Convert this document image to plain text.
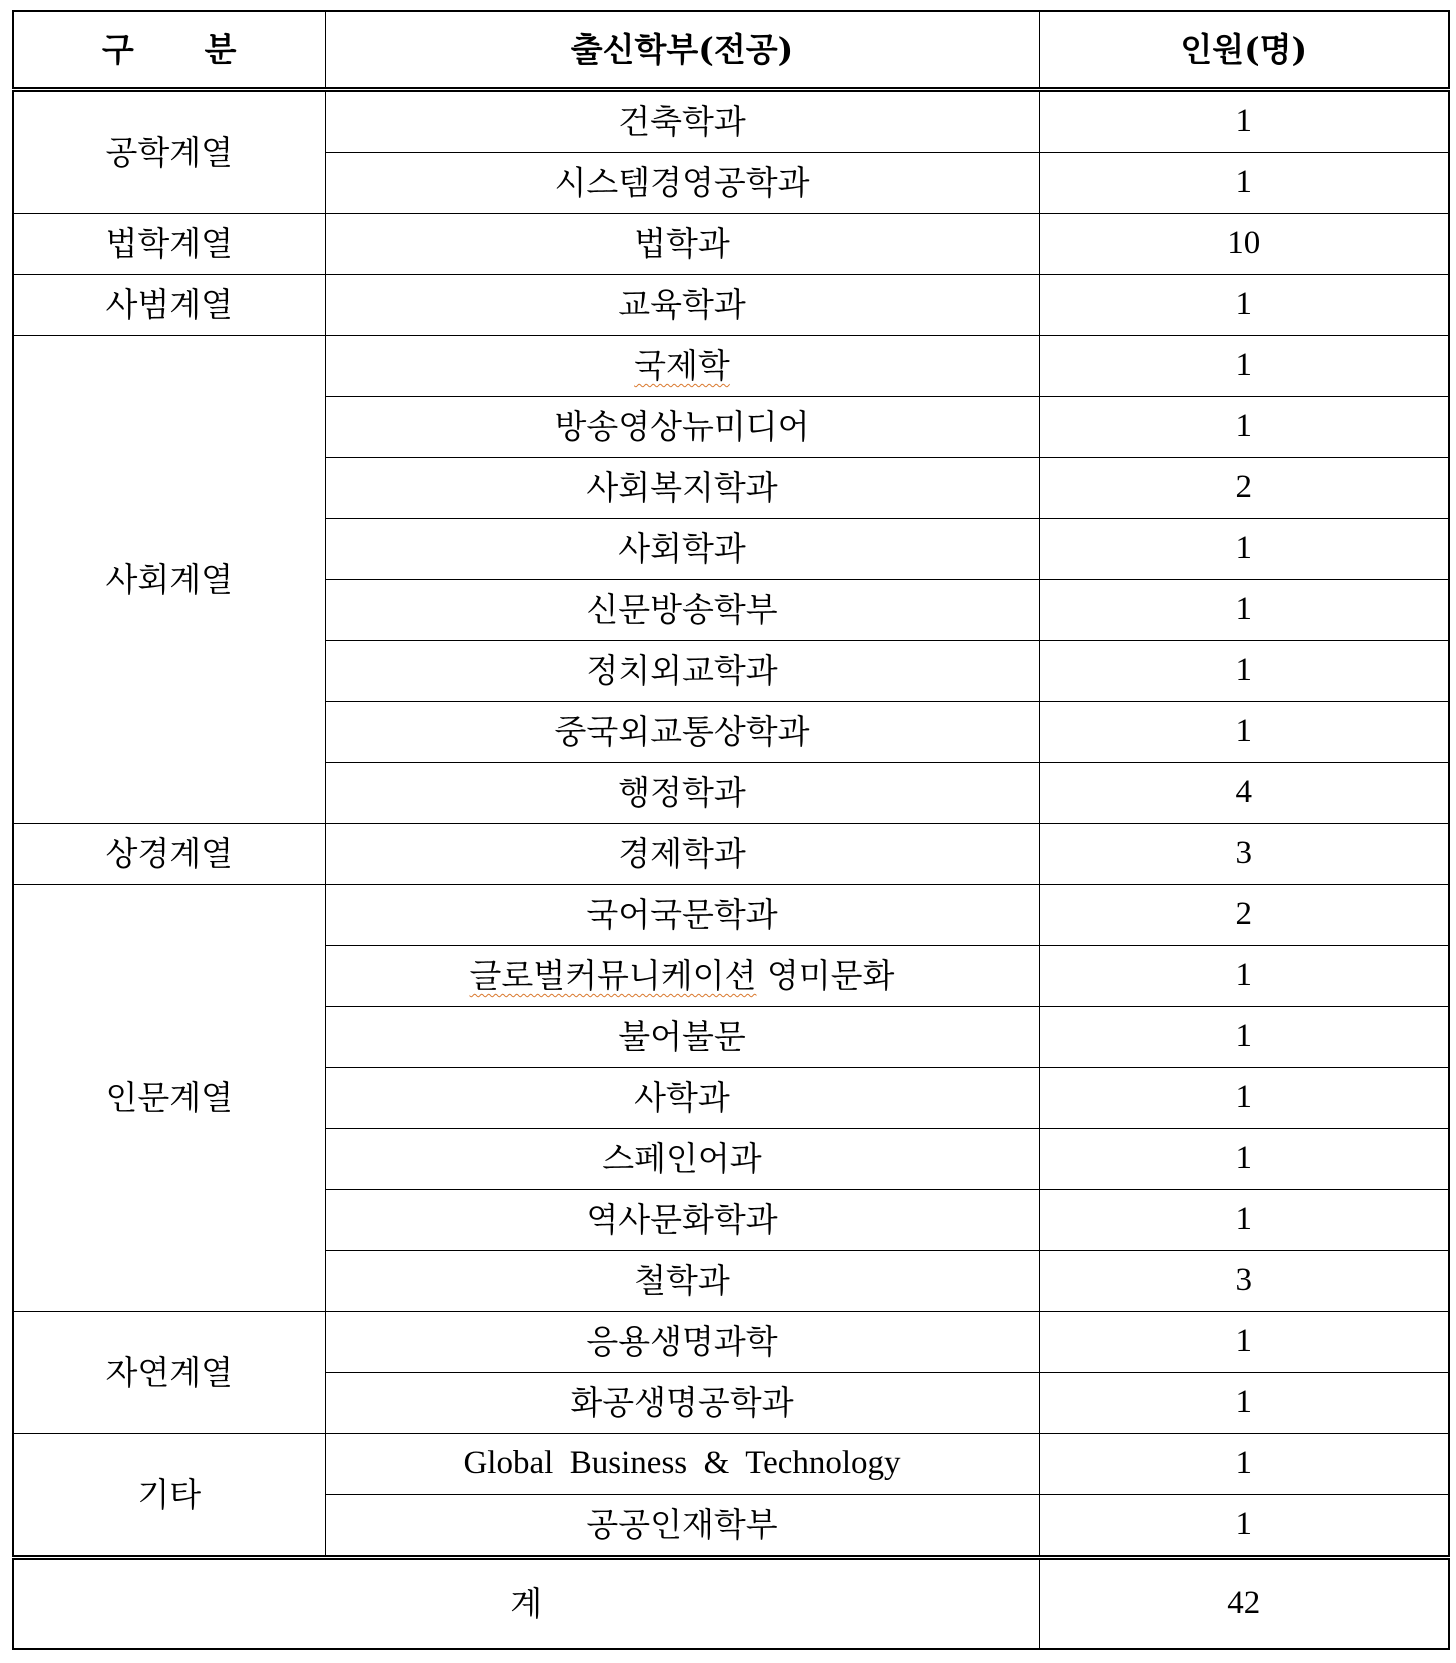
구 분	출신학부(전공)	인원(명)
공학계열	건축학과	1
	시스템경영공학과	1
법학계열	법학과	10
사범계열	교육학과	1
사회계열	국제학	1
	방송영상뉴미디어	1
	사회복지학과	2
	사회학과	1
	신문방송학부	1
	정치외교학과	1
	중국외교통상학과	1
	행정학과	4
상경계열	경제학과	3
인문계열	국어국문학과	2
	글로벌커뮤니케이션 영미문화	1
	불어불문	1
	사학과	1
	스페인어과	1
	역사문화학과	1
	철학과	3
자연계열	응용생명과학	1
	화공생명공학과	1
기타	Global Business & Technology	1
	공공인재학부	1
계		42
